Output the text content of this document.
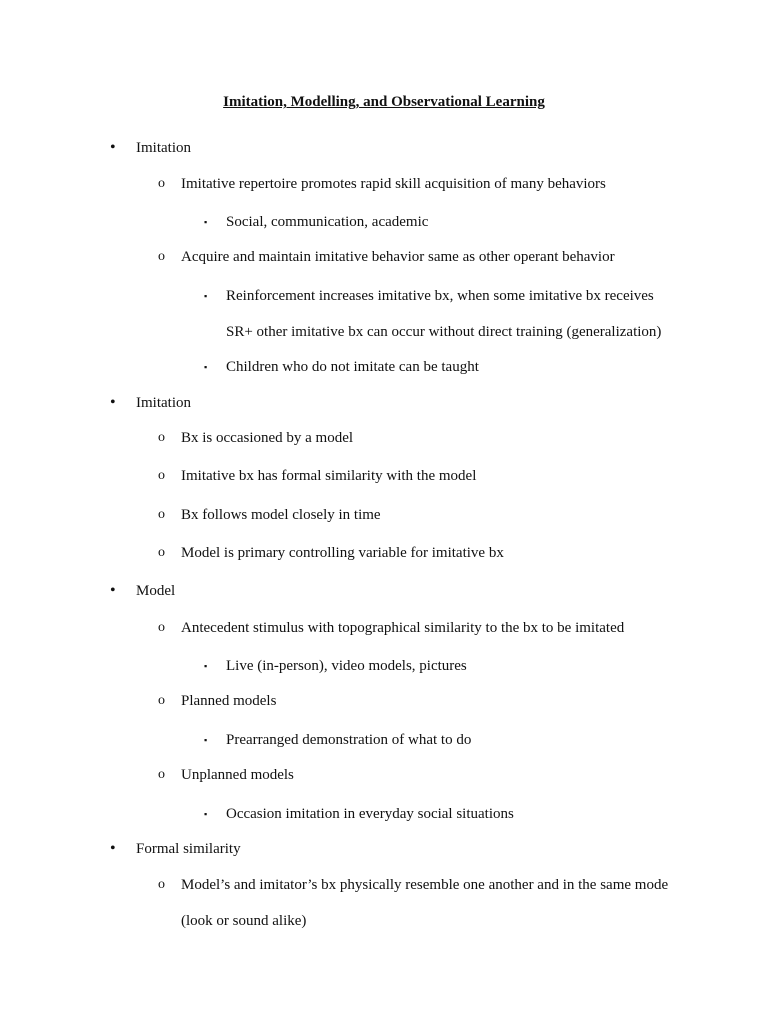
Imitation, Modelling, and Observational Learning
• Imitation
o Imitative repertoire promotes rapid skill acquisition of many behaviors
▪ Social, communication, academic
o Acquire and maintain imitative behavior same as other operant behavior
▪ Reinforcement increases imitative bx, when some imitative bx receives
SR+ other imitative bx can occur without direct training (generalization)
▪ Children who do not imitate can be taught
• Imitation
o Bx is occasioned by a model
o Imitative bx has formal similarity with the model
o Bx follows model closely in time
o Model is primary controlling variable for imitative bx
• Model
o Antecedent stimulus with topographical similarity to the bx to be imitated
▪ Live (in-person), video models, pictures
o Planned models
▪ Prearranged demonstration of what to do
o Unplanned models
▪ Occasion imitation in everyday social situations
• Formal similarity
o Model’s and imitator’s bx physically resemble one another and in the same mode
(look or sound alike)
